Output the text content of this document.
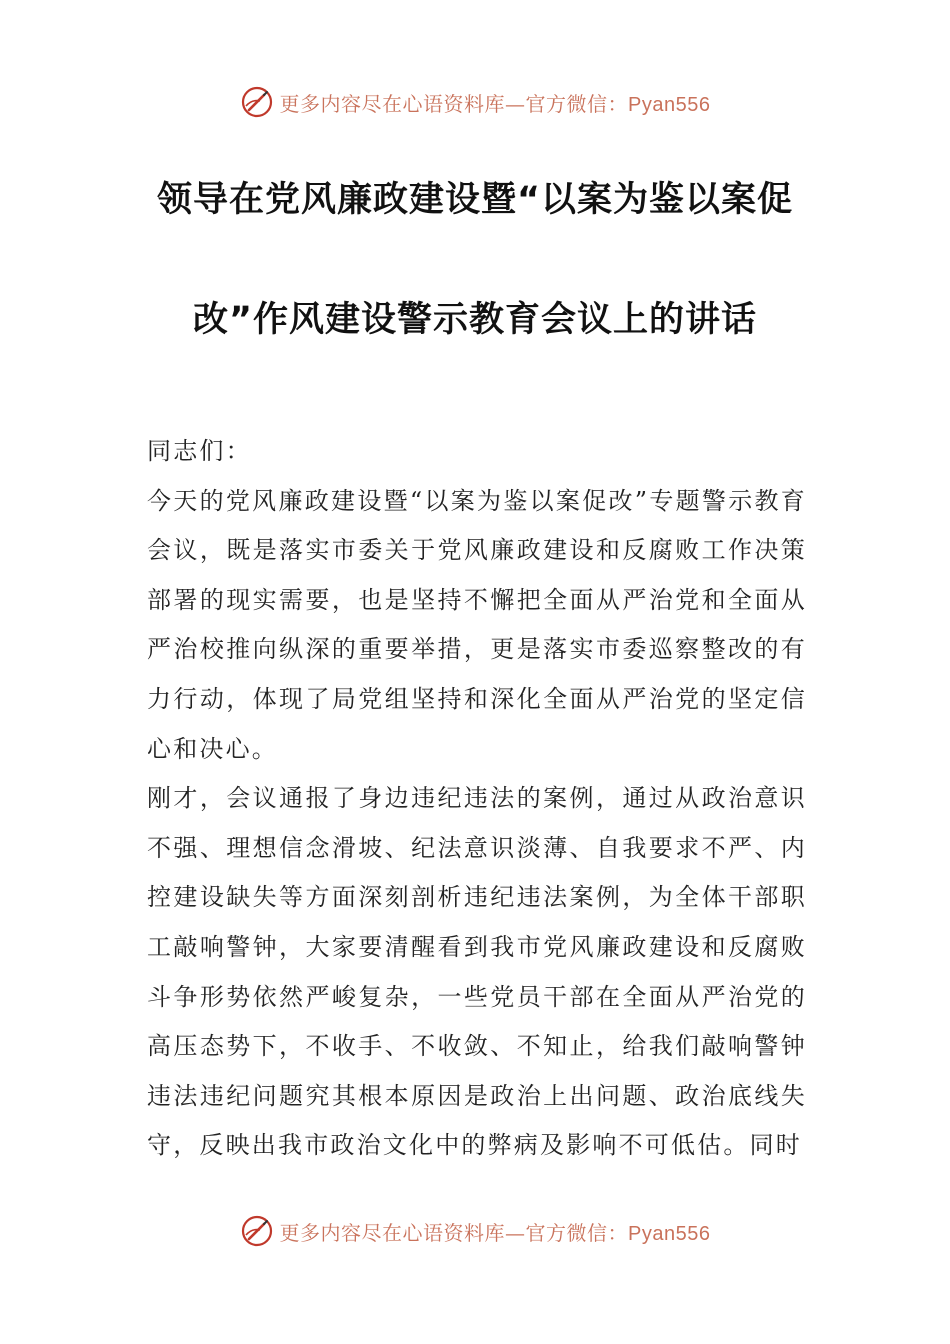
更多内容尽在心语资料库—官方微信：Pyan556
领导在党风廉政建设暨“以案为鉴以案促
改”作风建设警示教育会议上的讲话

同志们：

今天的党风廉政建设暨“以案为鉴以案促改”专题警示教育会议，既是落实市委关于党风廉政建设和反腐败工作决策部署的现实需要，也是坚持不懈把全面从严治党和全面从严治校推向纵深的重要举措，更是落实市委巡察整改的有力行动，体现了局党组坚持和深化全面从严治党的坚定信心和决心。

刚才，会议通报了身边违纪违法的案例，通过从政治意识不强、理想信念滑坡、纪法意识淡薄、自我要求不严、内控建设缺失等方面深刻剖析违纪违法案例，为全体干部职工敲响警钟，大家要清醒看到我市党风廉政建设和反腐败斗争形势依然严峻复杂，一些党员干部在全面从严治党的高压态势下，不收手、不收敛、不知止，给我们敲响警钟违法违纪问题究其根本原因是政治上出问题、政治底线失守，反映出我市政治文化中的弊病及影响不可低估。同时

更多内容尽在心语资料库—官方微信：Pyan556
